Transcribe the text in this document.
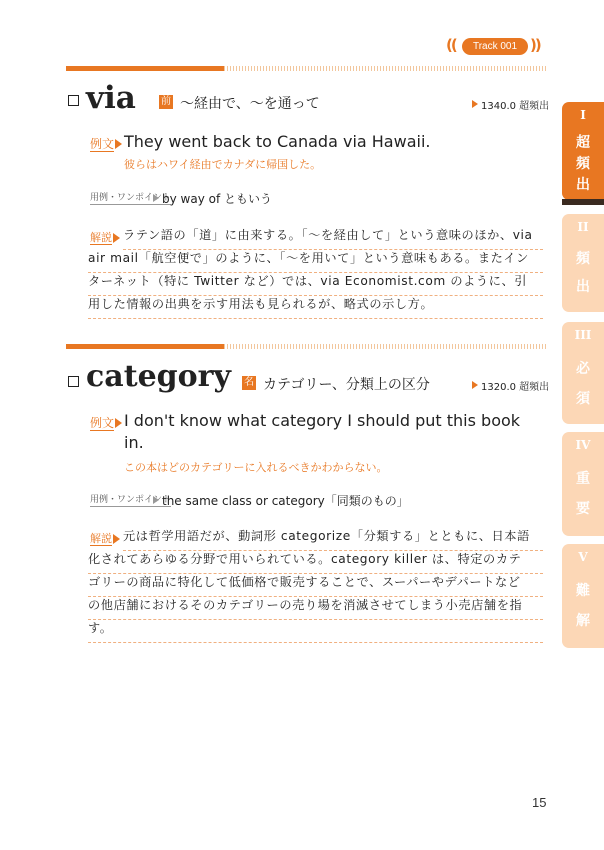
((	Track 001 ))
via	前 ～経由で、～を通って	1340.0 超頻出
例文 They went back to Canada via Hawaii.
彼らはハワイ経由でカナダに帰国した。
用例・ワンポイント
by way of ともいう
解説 ラテン語の「道」に由来する。「～を経由して」という意味のほか、via
air mail「航空便で」のように、「～を用いて」という意味もある。またイン
ターネット（特に Twitter など）では、via Economist.com のように、引
用した情報の出典を示す用法も見られるが、略式の示し方。
category 名 カテゴリー、分類上の区分	1320.0 超頻出
例文 I don't know what category I should put this book
in.
この本はどのカテゴリーに入れるべきかわからない。
用例・ワンポイント
the same class or category「同類のもの」
解説 元は哲学用語だが、動詞形 categorize「分類する」とともに、日本語
化されてあらゆる分野で用いられている。category killer は、特定のカテ
ゴリーの商品に特化して低価格で販売することで、スーパーやデパートなど
の他店舗におけるそのカテゴリーの売り場を消滅させてしまう小売店舗を指
す。
I
超
頻
出
II
頻
出
III
必
須
IV
重
要
V
難
解
15
